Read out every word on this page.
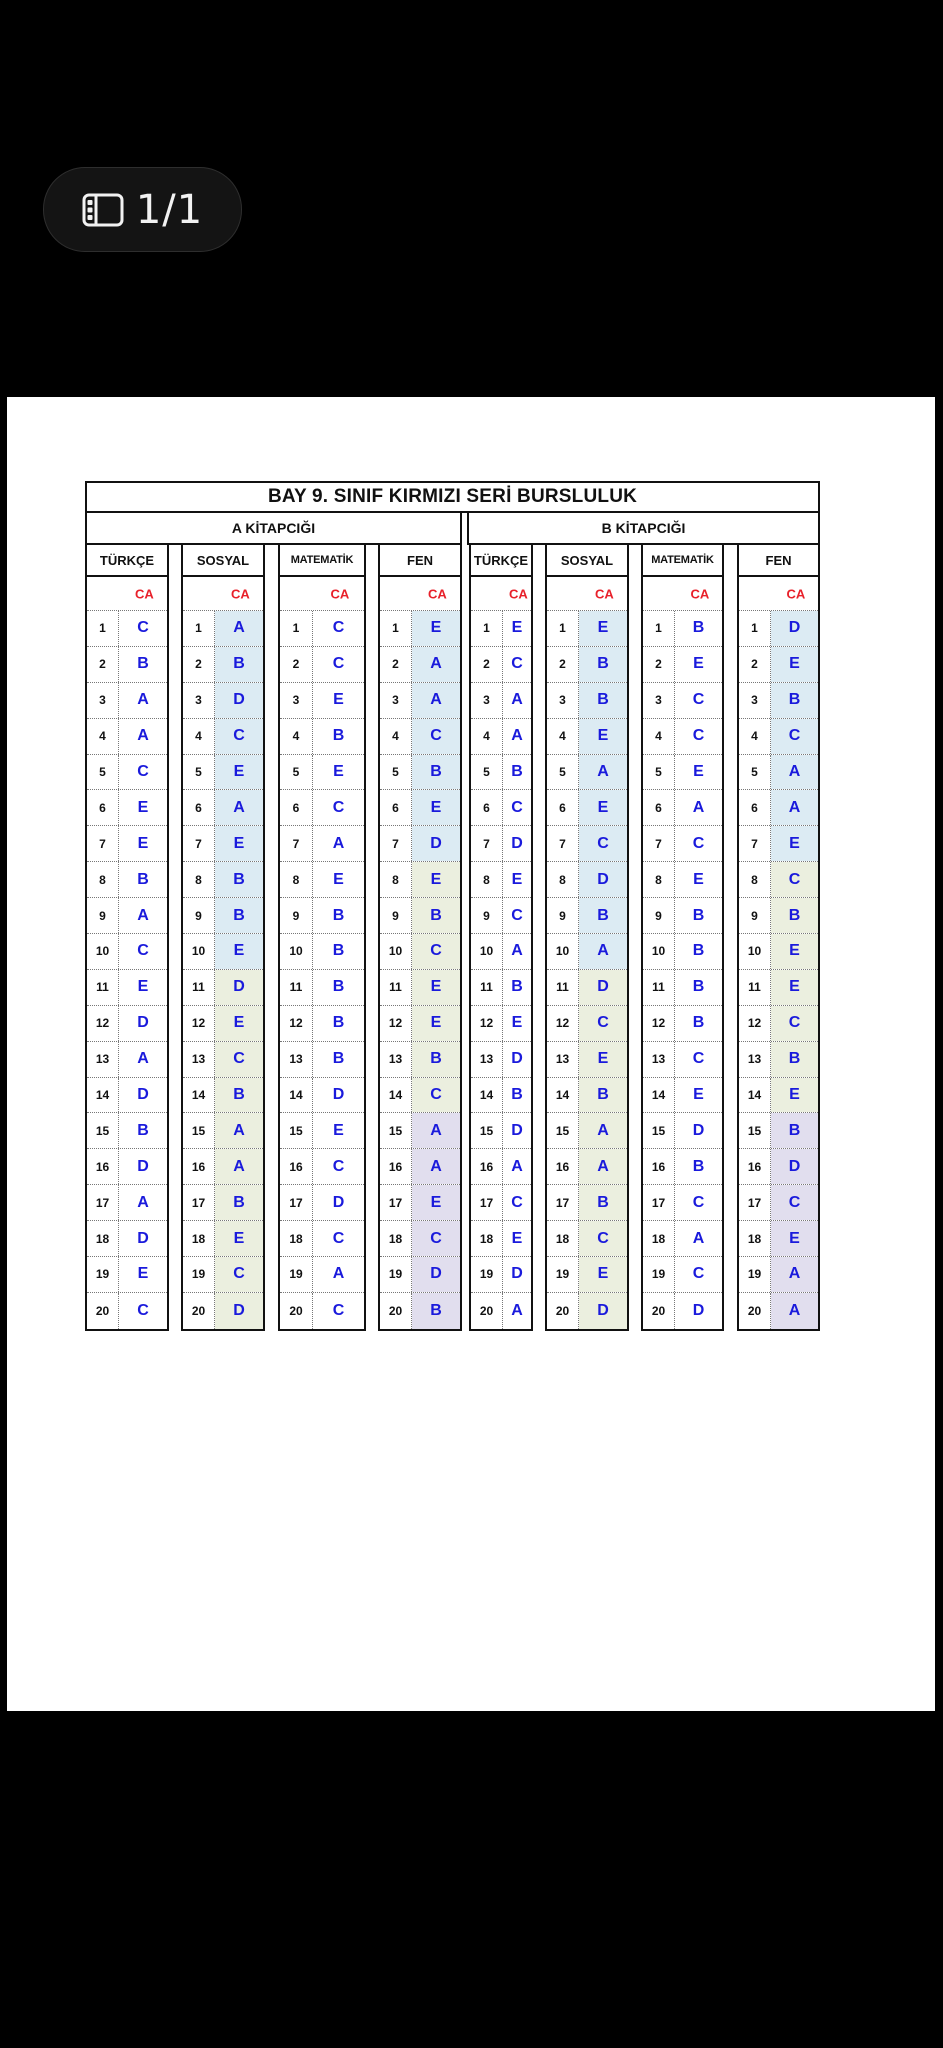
1/1
BAY 9. SINIF KIRMIZI SERİ BURSLULUK
A KİTAPCIĞI	B KİTAPCIĞI
TÜRKÇE
CA
1	C
2	B
3	A
4	A
5	C
6	E
7	E
8	B
9	A
10	C
11	E
12	D
13	A
14	D
15	B
16	D
17	A
18	D
19	E
20	C
SOSYAL
CA
1	A
2	B
3	D
4	C
5	E
6	A
7	E
8	B
9	B
10	E
11	D
12	E
13	C
14	B
15	A
16	A
17	B
18	E
19	C
20	D
MATEMATİK
CA
1	C
2	C
3	E
4	B
5	E
6	C
7	A
8	E
9	B
10	B
11	B
12	B
13	B
14	D
15	E
16	C
17	D
18	C
19	A
20	C
FEN
CA
1	E
2	A
3	A
4	C
5	B
6	E
7	D
8	E
9	B
10	C
11	E
12	E
13	B
14	C
15	A
16	A
17	E
18	C
19	D
20	B
TÜRKÇE
CA
1	E
2	C
3	A
4	A
5	B
6	C
7	D
8	E
9	C
10	A
11	B
12	E
13	D
14	B
15	D
16	A
17	C
18	E
19	D
20	A
SOSYAL
CA
1	E
2	B
3	B
4	E
5	A
6	E
7	C
8	D
9	B
10	A
11	D
12	C
13	E
14	B
15	A
16	A
17	B
18	C
19	E
20	D
MATEMATİK
CA
1	B
2	E
3	C
4	C
5	E
6	A
7	C
8	E
9	B
10	B
11	B
12	B
13	C
14	E
15	D
16	B
17	C
18	A
19	C
20	D
FEN
CA
1	D
2	E
3	B
4	C
5	A
6	A
7	E
8	C
9	B
10	E
11	E
12	C
13	B
14	E
15	B
16	D
17	C
18	E
19	A
20	A
